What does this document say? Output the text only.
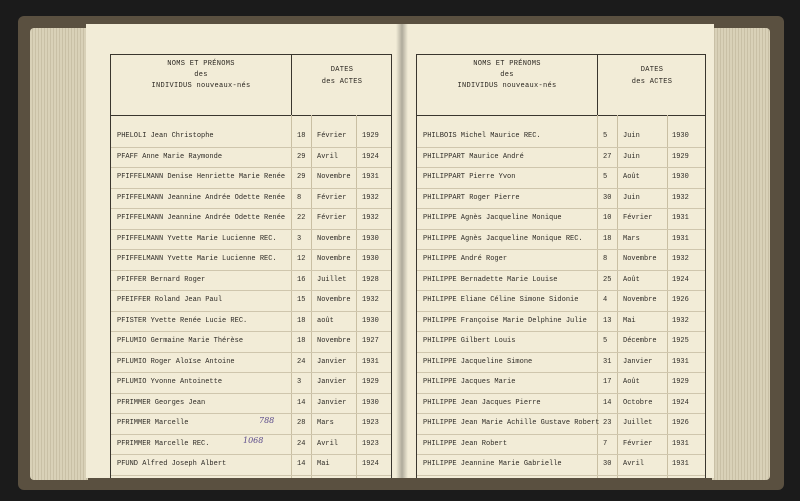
NOMS ET PRÉNOMS
des
INDIVIDUS nouveaux-nés
DATES
des ACTES
PHELOLI Jean Christophe	18 Février 1929
PFAFF Anne Marie Raymonde	29 Avril	1924
PFIFFELMANN Denise Henriette Marie Renée 29 Novembre 1931
PFIFFELMANN Jeannine Andrée Odette Renée 8 Février 1932
PFIFFELMANN Jeannine Andrée Odette Renée 22 Février 1932
PFIFFELMANN Yvette Marie Lucienne REC.	3 Novembre 1930
PFIFFELMANN Yvette Marie Lucienne REC.	12 Novembre 1930
PFIFFER Bernard Roger	16 Juillet 1928
PFEIFFER Roland Jean Paul	15 Novembre 1932
PFISTER Yvette Renée Lucie REC.	18 août	1930
PFLUMIO Germaine Marie Thérèse	18 Novembre 1927
PFLUMIO Roger Aloïse Antoine	24 Janvier 1931
PFLUMIO Yvonne Antoinette	3 Janvier 1929
PFRIMMER Georges Jean	14 Janvier 1930
PFRIMMER Marcelle	788	28 Mars	1923
PFRIMMER Marcelle REC.	1068	24 Avril	1923
PFUND Alfred Joseph Albert	14 Mai	1924
NOMS ET PRÉNOMS
des
INDIVIDUS nouveaux-nés
DATES
des ACTES
PHILBOIS Michel Maurice REC.	5 Juin	1930
PHILIPPART Maurice André	27 Juin	1929
PHILIPPART Pierre Yvon	5 Août	1930
PHILIPPART Roger Pierre	30 Juin	1932
PHILIPPE Agnès Jacqueline Monique	10 Février	1931
PHILIPPE Agnès Jacqueline Monique REC.	18 Mars	1931
PHILIPPE André Roger	8 Novembre 1932
PHILIPPE Bernadette Marie Louise	25 Août	1924
PHILIPPE Eliane Céline Simone Sidonie	4 Novembre 1926
PHILIPPE Françoise Marie Delphine Julie 13 Mai	1932
PHILIPPE Gilbert Louis	5 Décembre 1925
PHILIPPE Jacqueline Simone	31 Janvier	1931
PHILIPPE Jacques Marie	17 Août	1929
PHILIPPE Jean Jacques Pierre	14 Octobre	1924
PHILIPPE Jean Marie Achille Gustave Robert 23 Juillet	1926
PHILIPPE Jean Robert	7 Février	1931
PHILIPPE Jeannine Marie Gabrielle	30 Avril	1931
